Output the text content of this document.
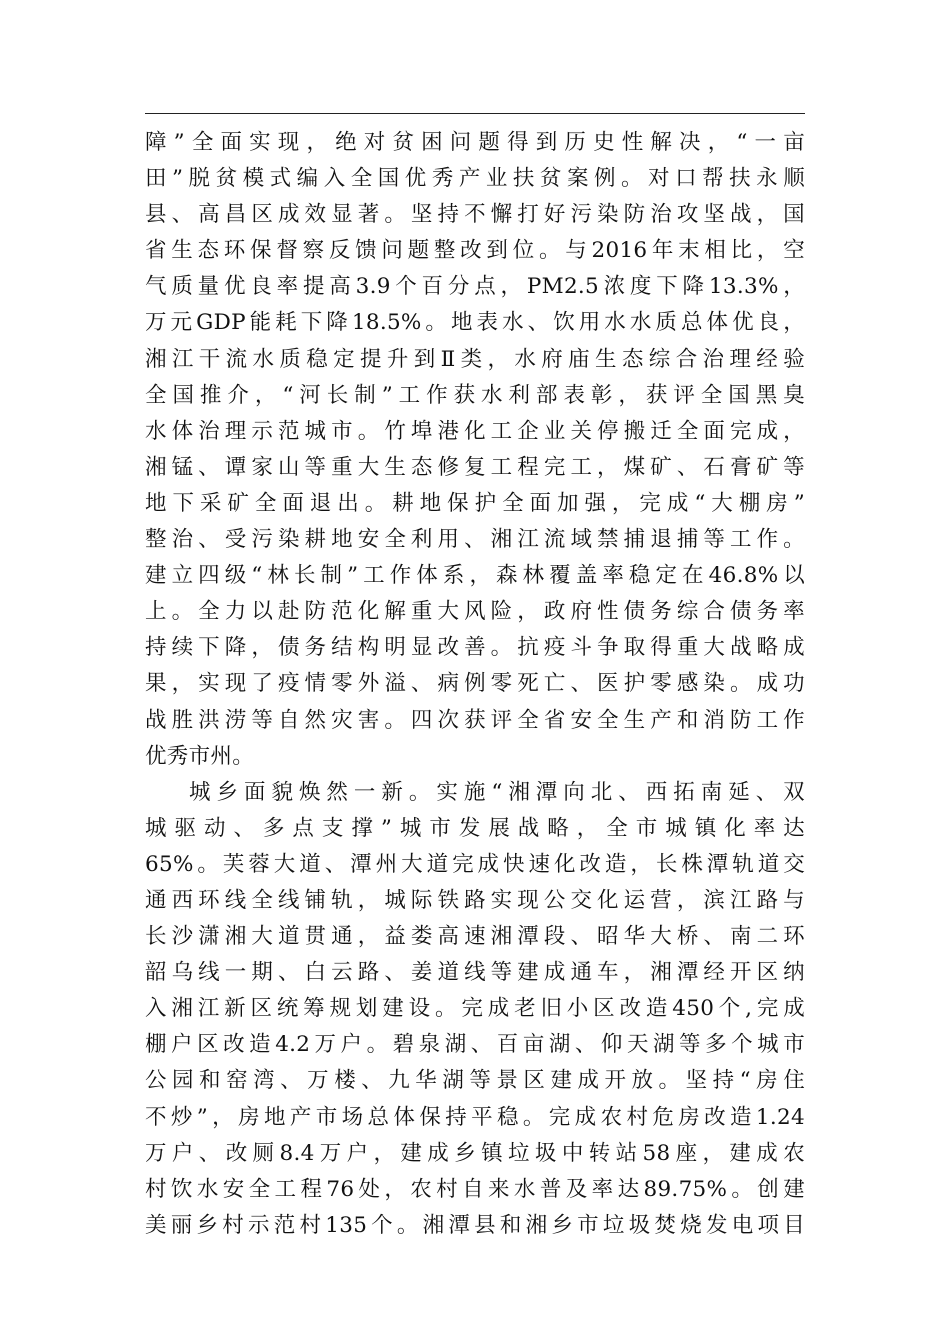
障”全面实现，绝对贫困问题得到历史性解决，“一亩
田”脱贫模式编入全国优秀产业扶贫案例。对口帮扶永顺
县、高昌区成效显著。坚持不懈打好污染防治攻坚战，国
省生态环保督察反馈问题整改到位。与2016年末相比，空
气质量优良率提高3.9个百分点，PM2.5浓度下降13.3%，
万元GDP能耗下降18.5%。地表水、饮用水水质总体优良，
湘江干流水质稳定提升到Ⅱ类，水府庙生态综合治理经验
全国推介，“河长制”工作获水利部表彰，获评全国黑臭
水体治理示范城市。竹埠港化工企业关停搬迁全面完成，
湘锰、谭家山等重大生态修复工程完工，煤矿、石膏矿等
地下采矿全面退出。耕地保护全面加强，完成“大棚房”
整治、受污染耕地安全利用、湘江流域禁捕退捕等工作。
建立四级“林长制”工作体系，森林覆盖率稳定在46.8%以
上。全力以赴防范化解重大风险，政府性债务综合债务率
持续下降，债务结构明显改善。抗疫斗争取得重大战略成
果，实现了疫情零外溢、病例零死亡、医护零感染。成功
战胜洪涝等自然灾害。四次获评全省安全生产和消防工作
优秀市州。
城乡面貌焕然一新。实施“湘潭向北、西拓南延、双
城驱动、多点支撑”城市发展战略，全市城镇化率达
65%。芙蓉大道、潭州大道完成快速化改造，长株潭轨道交
通西环线全线铺轨，城际铁路实现公交化运营，滨江路与
长沙潇湘大道贯通，益娄高速湘潭段、昭华大桥、南二环
韶乌线一期、白云路、姜道线等建成通车，湘潭经开区纳
入湘江新区统筹规划建设。完成老旧小区改造450个,完成
棚户区改造4.2万户。碧泉湖、百亩湖、仰天湖等多个城市
公园和窑湾、万楼、九华湖等景区建成开放。坚持“房住
不炒”，房地产市场总体保持平稳。完成农村危房改造1.24
万户、改厕8.4万户，建成乡镇垃圾中转站58座，建成农
村饮水安全工程76处，农村自来水普及率达89.75%。创建
美丽乡村示范村135个。湘潭县和湘乡市垃圾焚烧发电项目
